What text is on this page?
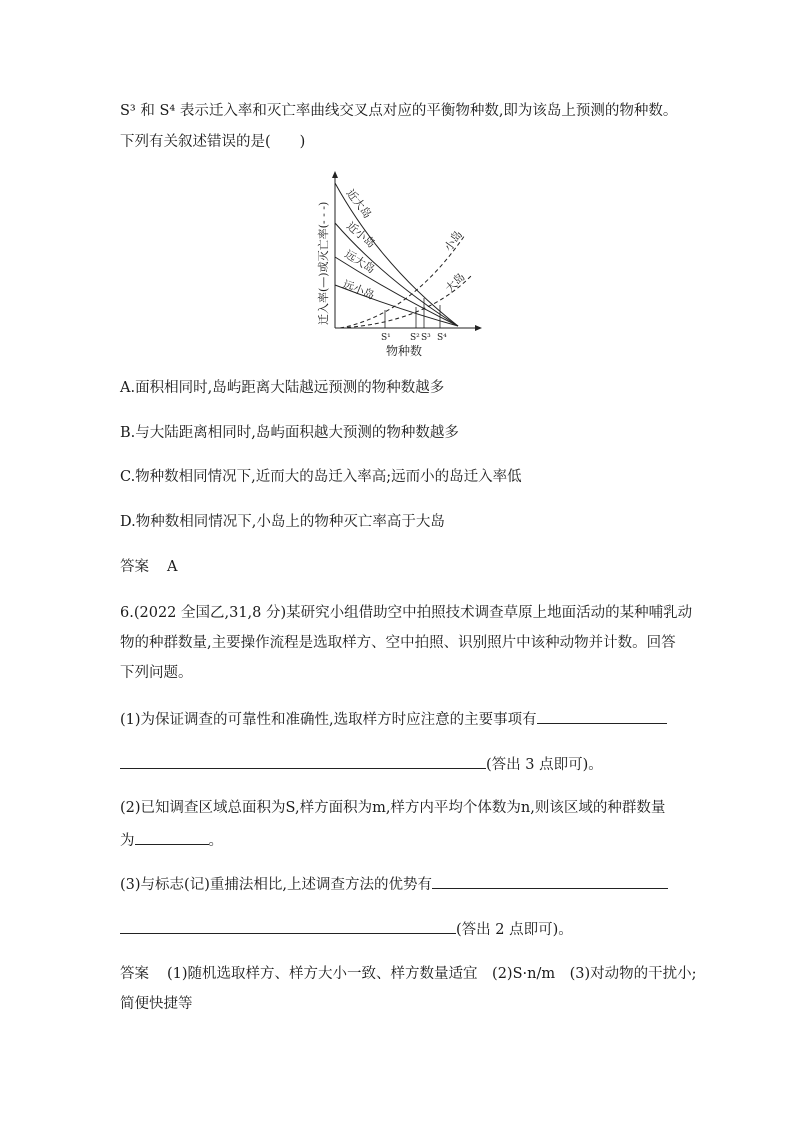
S³ 和 S⁴ 表示迁入率和灭亡率曲线交叉点对应的平衡物种数,即为该岛上预测的物种数。
下列有关叙述错误的是(　　)
近大岛
近小岛
远大岛
远小岛
小岛
大岛
S¹ S² S³ S⁴
物种数
迁入率(—)或灭亡率(- - -)
A.面积相同时,岛屿距离大陆越远预测的物种数越多
B.与大陆距离相同时,岛屿面积越大预测的物种数越多
C.物种数相同情况下,近而大的岛迁入率高;远而小的岛迁入率低
D.物种数相同情况下,小岛上的物种灭亡率高于大岛
答案 A
6.(2022 全国乙,31,8 分)某研究小组借助空中拍照技术调查草原上地面活动的某种哺乳动
物的种群数量,主要操作流程是选取样方、空中拍照、识别照片中该种动物并计数。回答
下列问题。
(1)为保证调查的可靠性和准确性,选取样方时应注意的主要事项有
(答出 3 点即可)。
(2)已知调查区域总面积为S,样方面积为m,样方内平均个体数为n,则该区域的种群数量
为	。
(3)与标志(记)重捕法相比,上述调查方法的优势有
(答出 2 点即可)。
答案 (1)随机选取样方、样方大小一致、样方数量适宜　(2)S·n/m　(3)对动物的干扰小;
简便快捷等
